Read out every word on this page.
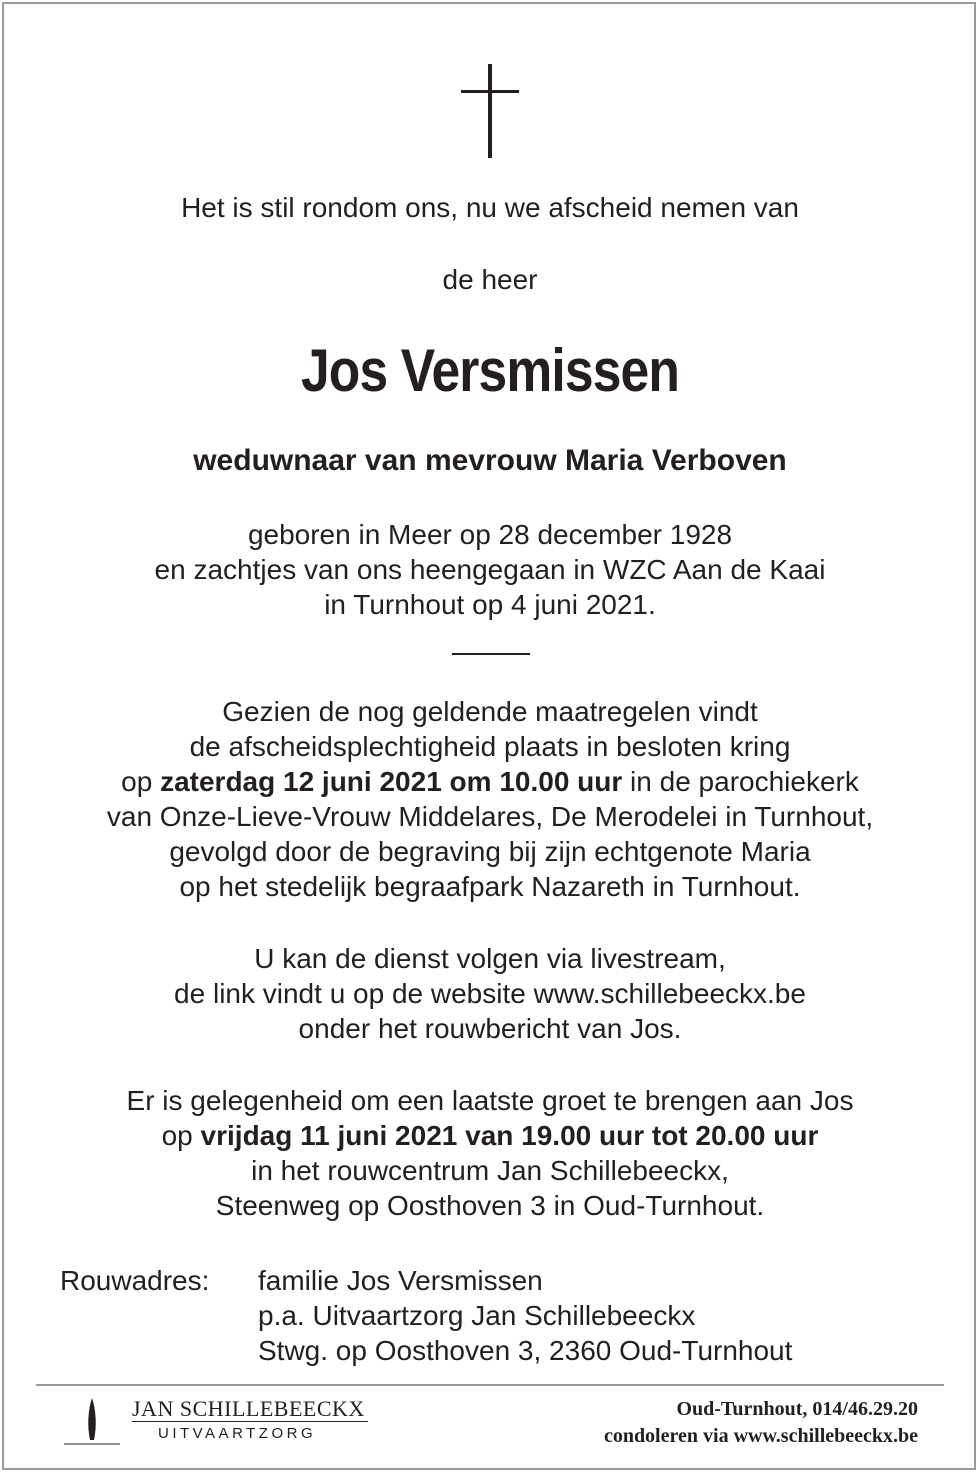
Het is stil rondom ons, nu we afscheid nemen van
de heer
Jos Versmissen
weduwnaar van mevrouw Maria Verboven
geboren in Meer op 28 december 1928
en zachtjes van ons heengegaan in WZC Aan de Kaai
in Turnhout op 4 juni 2021.
Gezien de nog geldende maatregelen vindt
de afscheidsplechtigheid plaats in besloten kring
op zaterdag 12 juni 2021 om 10.00 uur in de parochiekerk
van Onze-Lieve-Vrouw Middelares, De Merodelei in Turnhout,
gevolgd door de begraving bij zijn echtgenote Maria
op het stedelijk begraafpark Nazareth in Turnhout.
U kan de dienst volgen via livestream,
de link vindt u op de website www.schillebeeckx.be
onder het rouwbericht van Jos.
Er is gelegenheid om een laatste groet te brengen aan Jos
op vrijdag 11 juni 2021 van 19.00 uur tot 20.00 uur
in het rouwcentrum Jan Schillebeeckx,
Steenweg op Oosthoven 3 in Oud-Turnhout.
Rouwadres: familie Jos Versmissen
p.a. Uitvaartzorg Jan Schillebeeckx
Stwg. op Oosthoven 3, 2360 Oud-Turnhout
JAN SCHILLEBEECKX
UITVAARTZORG
Oud-Turnhout, 014/46.29.20
condoleren via www.schillebeeckx.be
